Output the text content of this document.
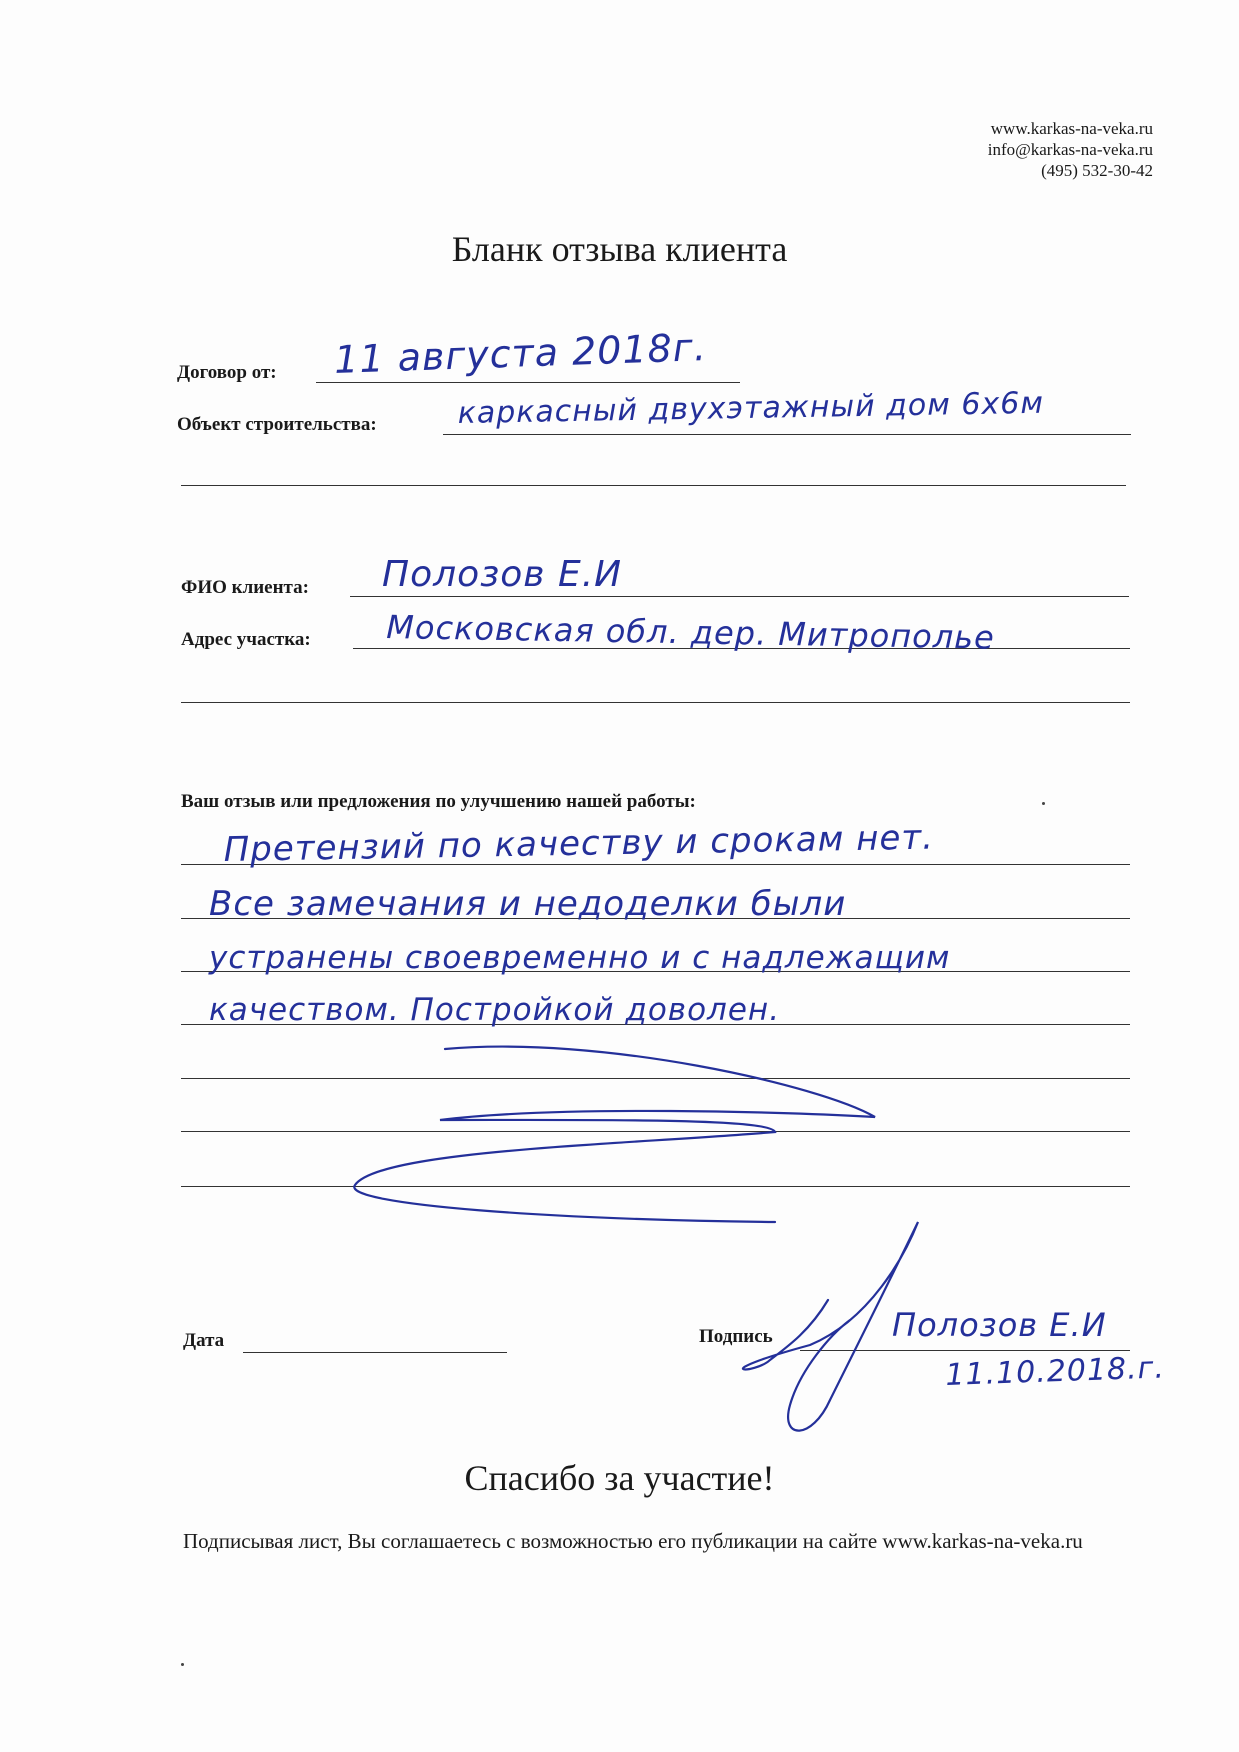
www.karkas-na-veka.ru
info@karkas-na-veka.ru
(495) 532-30-42
Бланк отзыва клиента
Договор от: 11 августа 2018г.
Объект строительства:	каркасный двухэтажный дом 6х6м
ФИО клиента: Полозов Е.И
Адрес участка: Московская обл. дер. Митрополье
Ваш отзыв или предложения по улучшению нашей работы:
Претензий по качеству и срокам нет.
Все замечания и недоделки были
устранены своевременно и с надлежащим
качеством. Постройкой доволен.
Дата	Подпись	Полозов Е.И
11.10.2018.г.
Спасибо за участие!
Подписывая лист, Вы соглашаетесь с возможностью его публикации на сайте www.karkas-na-veka.ru
